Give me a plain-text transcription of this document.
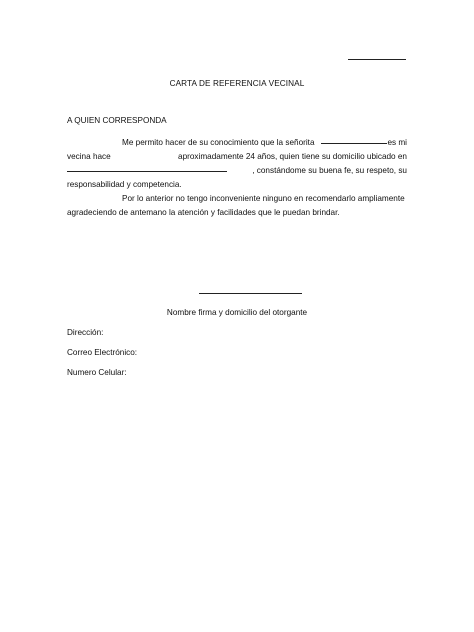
CARTA DE REFERENCIA VECINAL
A QUIEN CORRESPONDA
Me permito hacer de su conocimiento que la señorita	es mi
vecina hace	aproximadamente 24 años, quien tiene su domicilio ubicado en
, constándome su buena fe, su respeto, su
responsabilidad y competencia.
Por lo anterior no tengo inconveniente ninguno en recomendarlo ampliamente
agradeciendo de antemano la atención y facilidades que le puedan brindar.
Nombre firma y domicilio del otorgante
Dirección:
Correo Electrónico:
Numero Celular:
